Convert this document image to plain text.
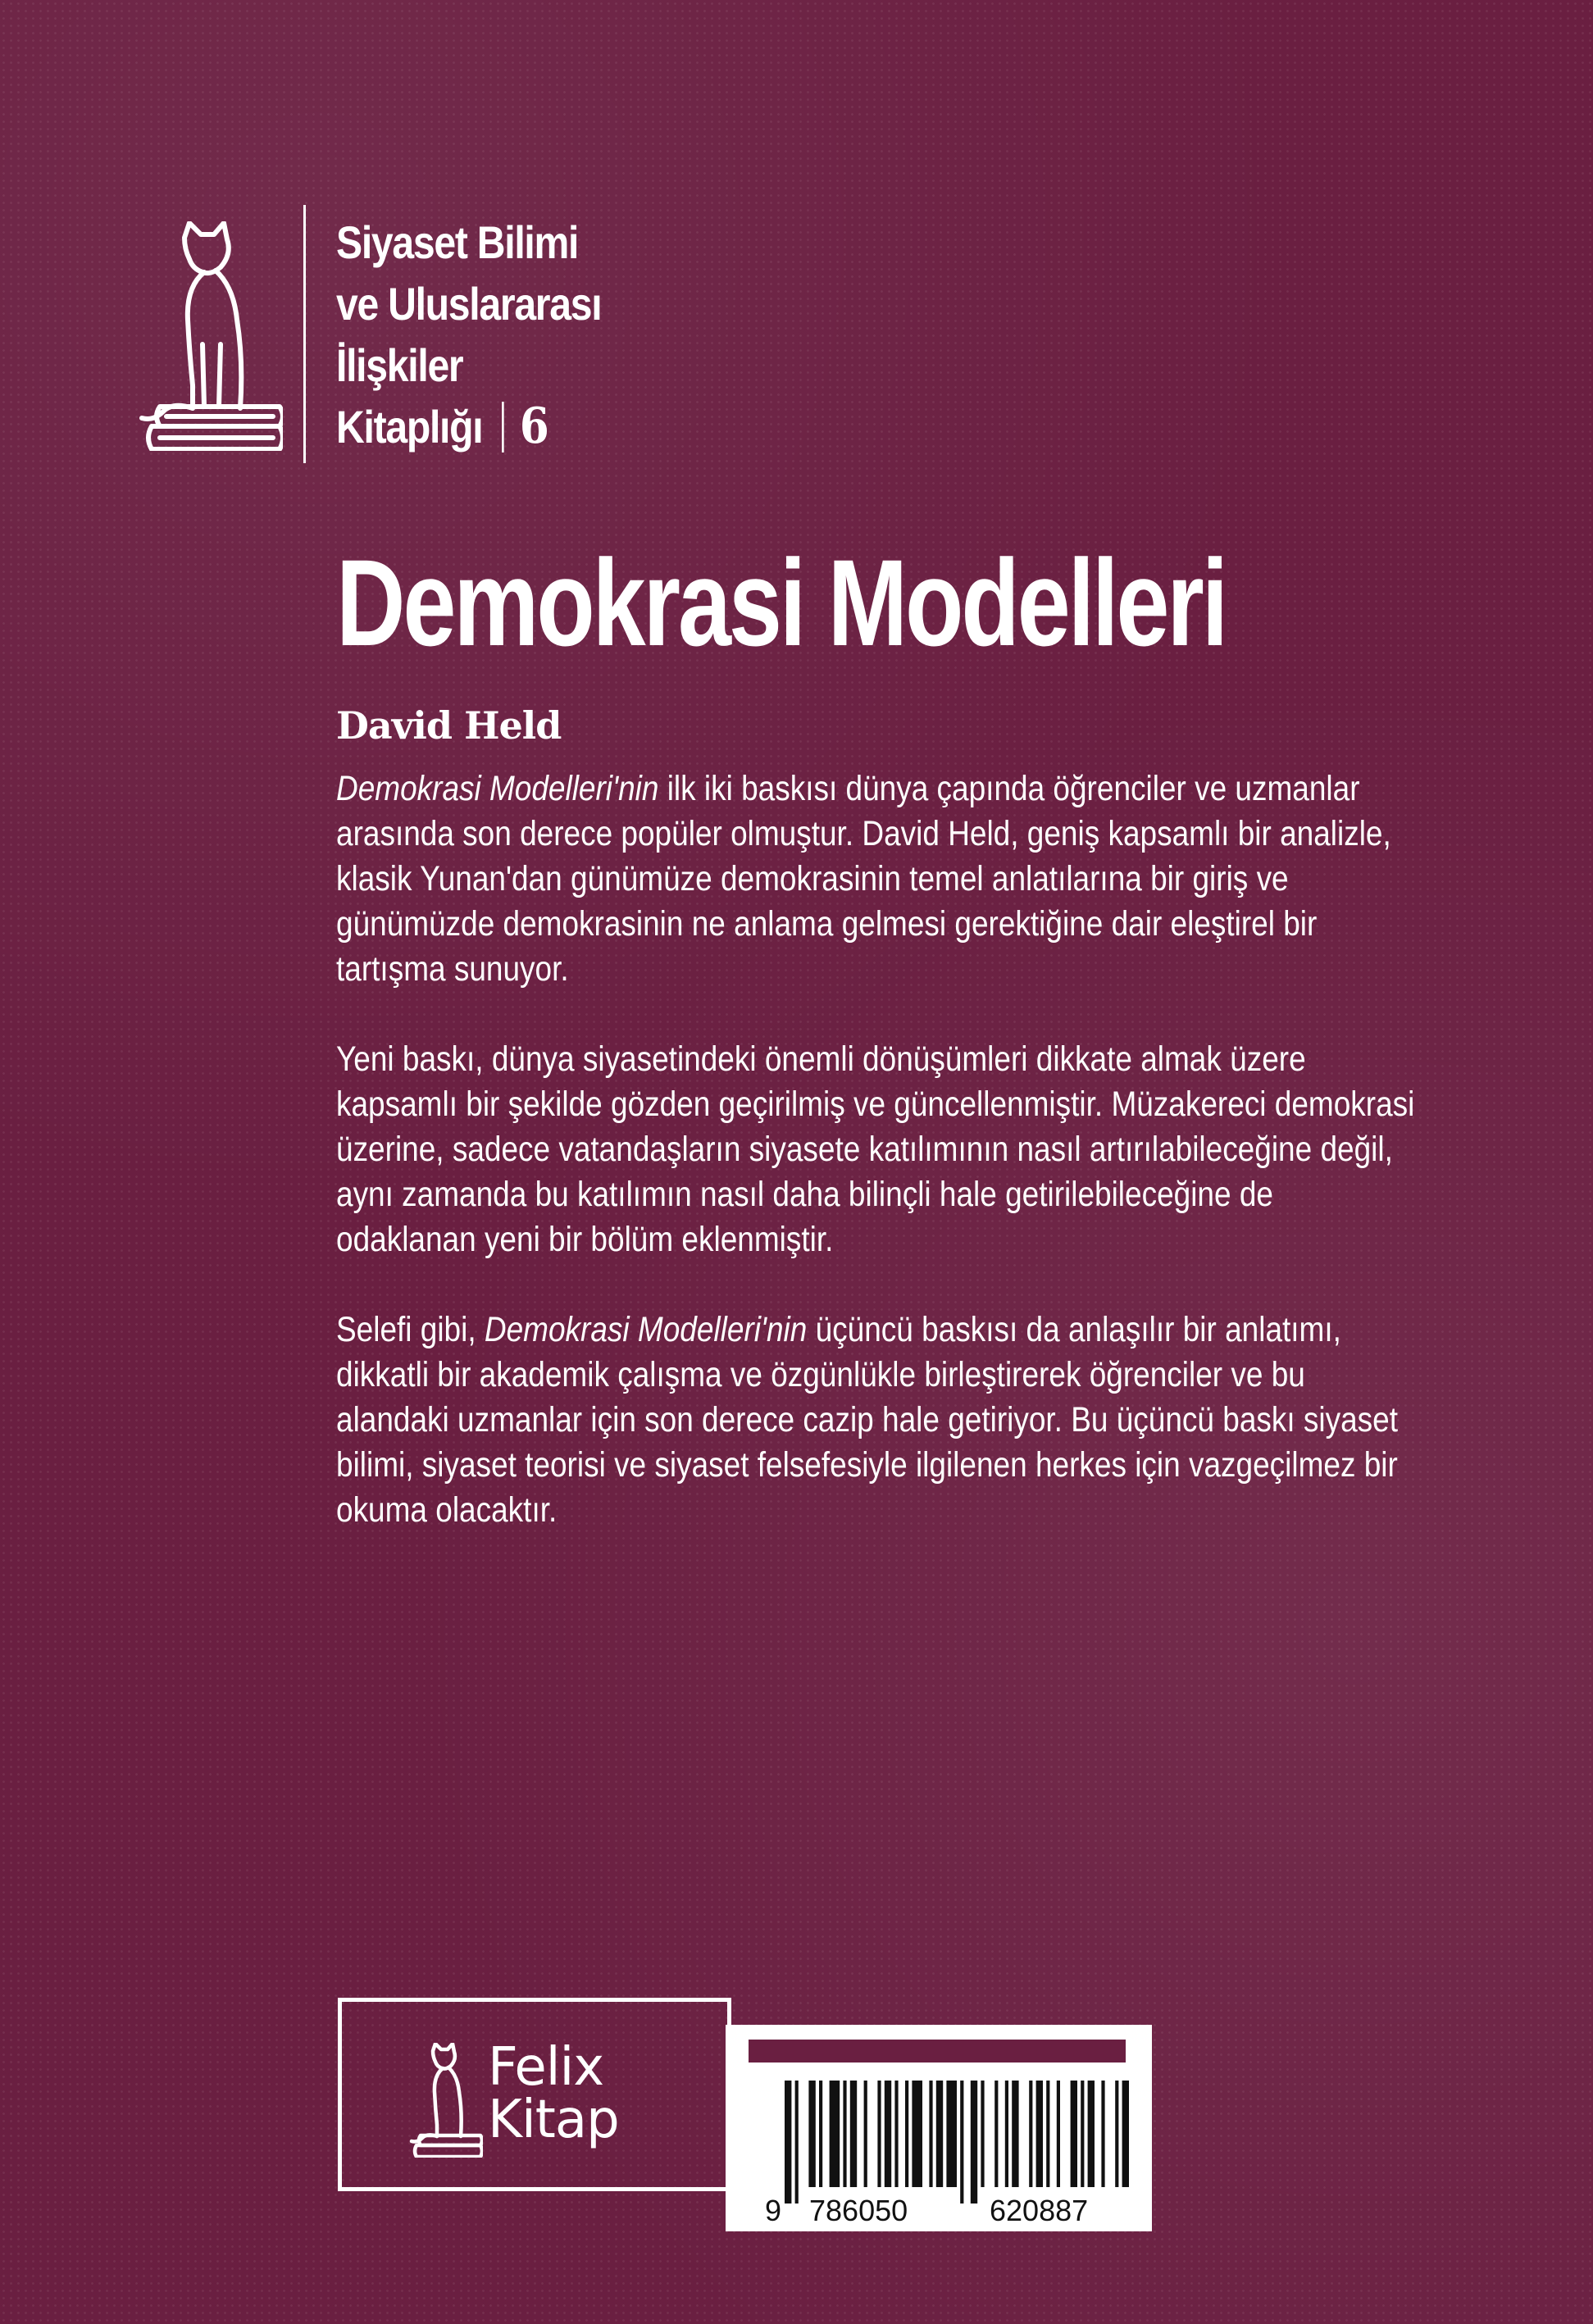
Siyaset Bilimi
ve Uluslararası
İlişkiler
Kitaplığı 6
Demokrasi Modelleri
David Held

Demokrasi Modelleri'nin ilk iki baskısı dünya çapında öğrenciler ve uzmanlar arasında son derece popüler olmuştur. David Held, geniş kapsamlı bir analizle, klasik Yunan'dan günümüze demokrasinin temel anlatılarına bir giriş ve günümüzde demokrasinin ne anlama gelmesi gerektiğine dair eleştirel bir tartışma sunuyor.

Yeni baskı, dünya siyasetindeki önemli dönüşümleri dikkate almak üzere kapsamlı bir şekilde gözden geçirilmiş ve güncellenmiştir. Müzakereci demokrasi üzerine, sadece vatandaşların siyasete katılımının nasıl artırılabileceğine değil, aynı zamanda bu katılımın nasıl daha bilinçli hale getirilebileceğine de odaklanan yeni bir bölüm eklenmiştir.

Selefi gibi, Demokrasi Modelleri'nin üçüncü baskısı da anlaşılır bir anlatımı, dikkatli bir akademik çalışma ve özgünlükle birleştirerek öğrenciler ve bu alandaki uzmanlar için son derece cazip hale getiriyor. Bu üçüncü baskı siyaset bilimi, siyaset teorisi ve siyaset felsefesiyle ilgilenen herkes için vazgeçilmez bir okuma olacaktır.

Felix
Kitap
9 786050	620887
